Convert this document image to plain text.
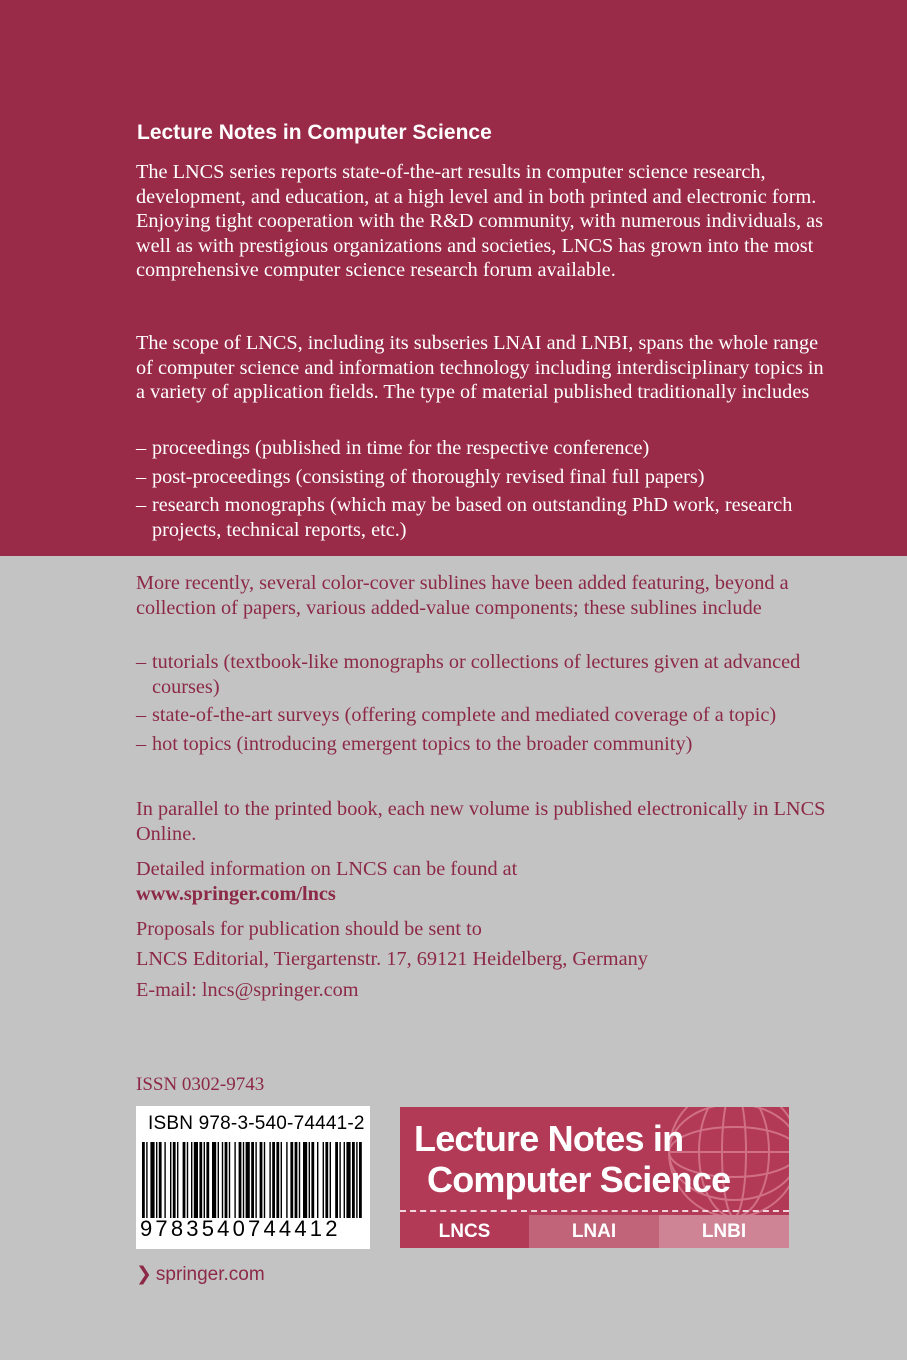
Lecture Notes in Computer Science

The LNCS series reports state-of-the-art results in computer science research, development, and education, at a high level and in both printed and electronic form. Enjoying tight cooperation with the R&D community, with numerous individuals, as well as with prestigious organizations and societies, LNCS has grown into the most comprehensive computer science research forum available.

The scope of LNCS, including its subseries LNAI and LNBI, spans the whole range of computer science and information technology including interdisciplinary topics in a variety of application fields. The type of material published traditionally includes

– proceedings (published in time for the respective conference)
– post-proceedings (consisting of thoroughly revised final full papers)
– research monographs (which may be based on outstanding PhD work, research projects, technical reports, etc.)

More recently, several color-cover sublines have been added featuring, beyond a collection of papers, various added-value components; these sublines include

– tutorials (textbook-like monographs or collections of lectures given at advanced courses)
– state-of-the-art surveys (offering complete and mediated coverage of a topic)
– hot topics (introducing emergent topics to the broader community)

In parallel to the printed book, each new volume is published electronically in LNCS Online.

Detailed information on LNCS can be found at
www.springer.com/lncs

Proposals for publication should be sent to
LNCS Editorial, Tiergartenstr. 17, 69121 Heidelberg, Germany
E-mail: lncs@springer.com
ISSN 0302-9743
ISBN 978-3-540-74441-2
9783540744412
Lecture Notes in
Computer Science
LNCS	LNAI	LNBI
❯ springer.com
